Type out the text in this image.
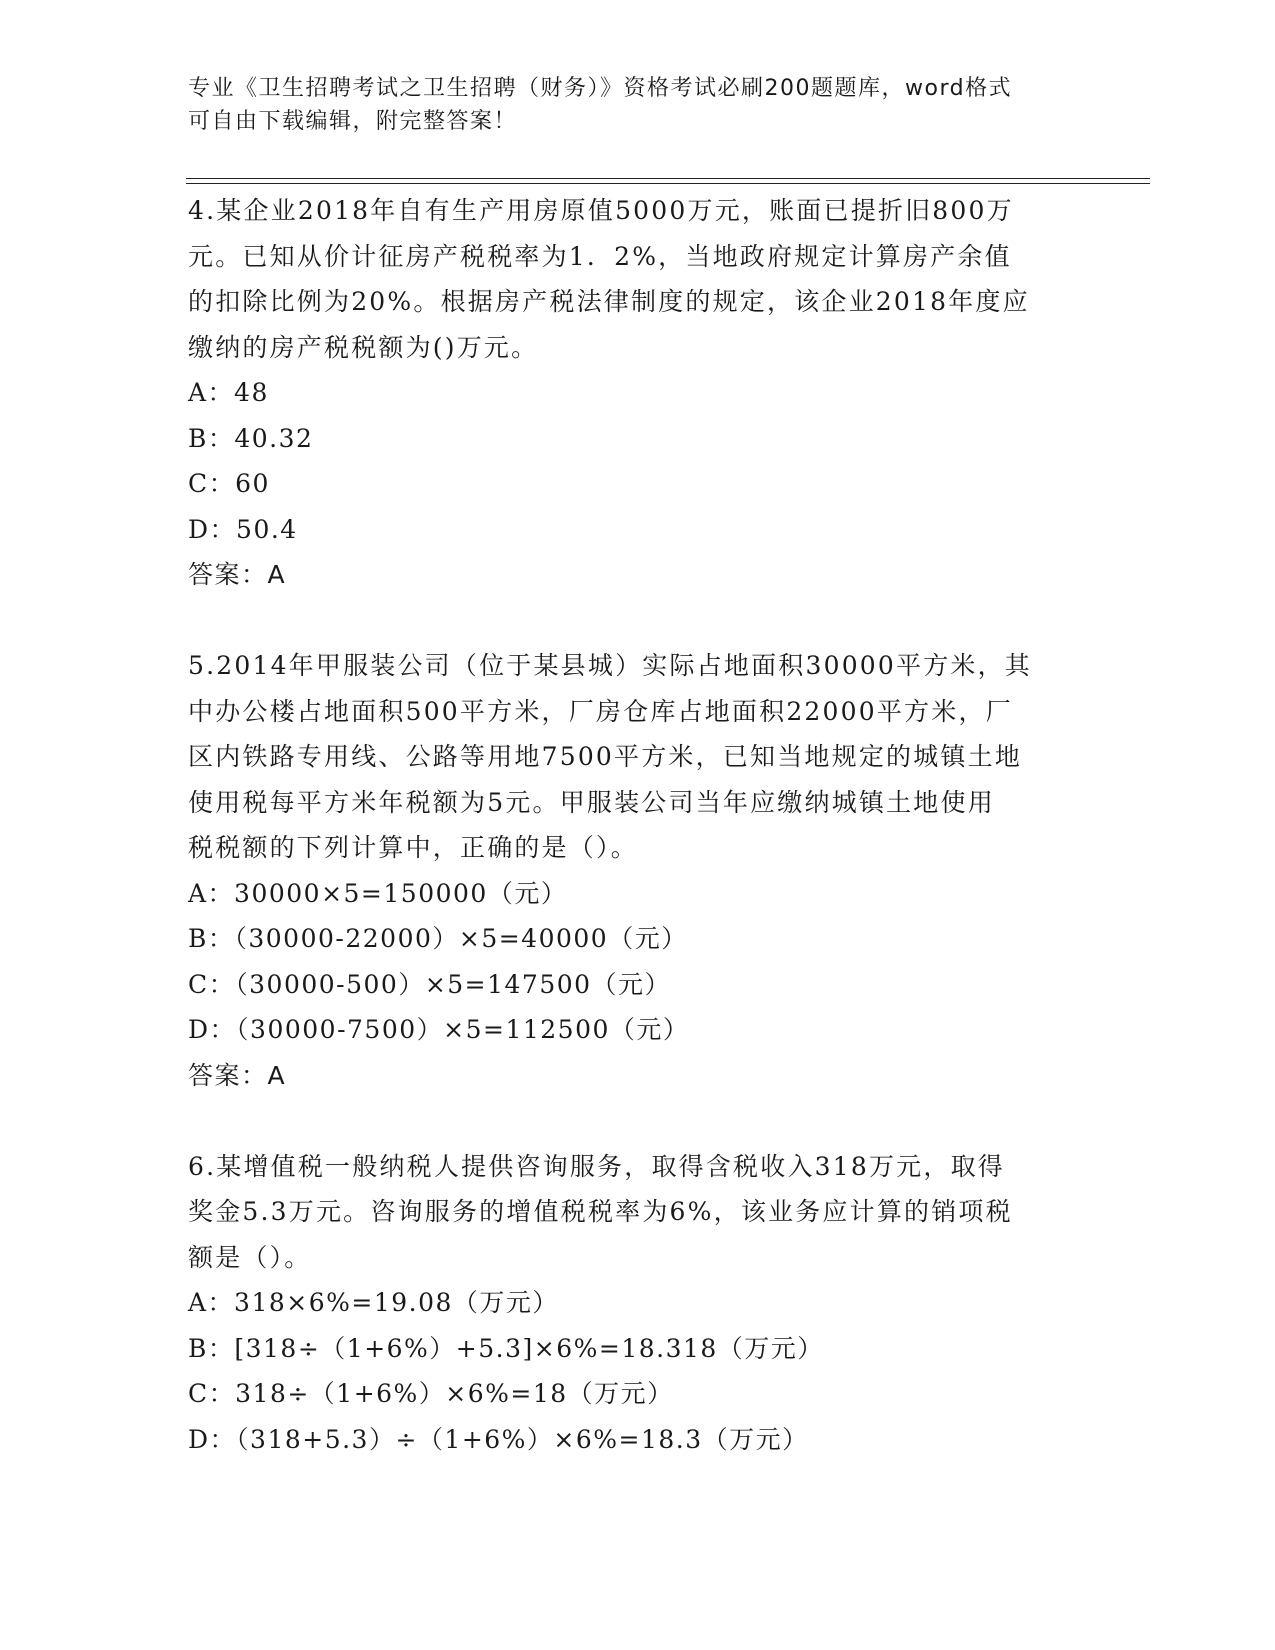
专业《卫生招聘考试之卫生招聘（财务）》资格考试必刷200题题库，word格式
可自由下载编辑，附完整答案！
4.某企业2018年自有生产用房原值5000万元，账面已提折旧800万
元。已知从价计征房产税税率为1．2%，当地政府规定计算房产余值
的扣除比例为20%。根据房产税法律制度的规定，该企业2018年度应
缴纳的房产税税额为()万元。
A：48
B：40.32
C：60
D：50.4
答案：A
5.2014年甲服装公司（位于某县城）实际占地面积30000平方米，其
中办公楼占地面积500平方米，厂房仓库占地面积22000平方米，厂
区内铁路专用线、公路等用地7500平方米，已知当地规定的城镇土地
使用税每平方米年税额为5元。甲服装公司当年应缴纳城镇土地使用
税税额的下列计算中，正确的是（）。
A：30000×5=150000（元）
B：（30000-22000）×5=40000（元）
C：（30000-500）×5=147500（元）
D：（30000-7500）×5=112500（元）
答案：A
6.某增值税一般纳税人提供咨询服务，取得含税收入318万元，取得
奖金5.3万元。咨询服务的增值税税率为6%，该业务应计算的销项税
额是（）。
A：318×6%=19.08（万元）
B：[318÷（1+6%）+5.3]×6%=18.318（万元）
C：318÷（1+6%）×6%=18（万元）
D：（318+5.3）÷（1+6%）×6%=18.3（万元）
